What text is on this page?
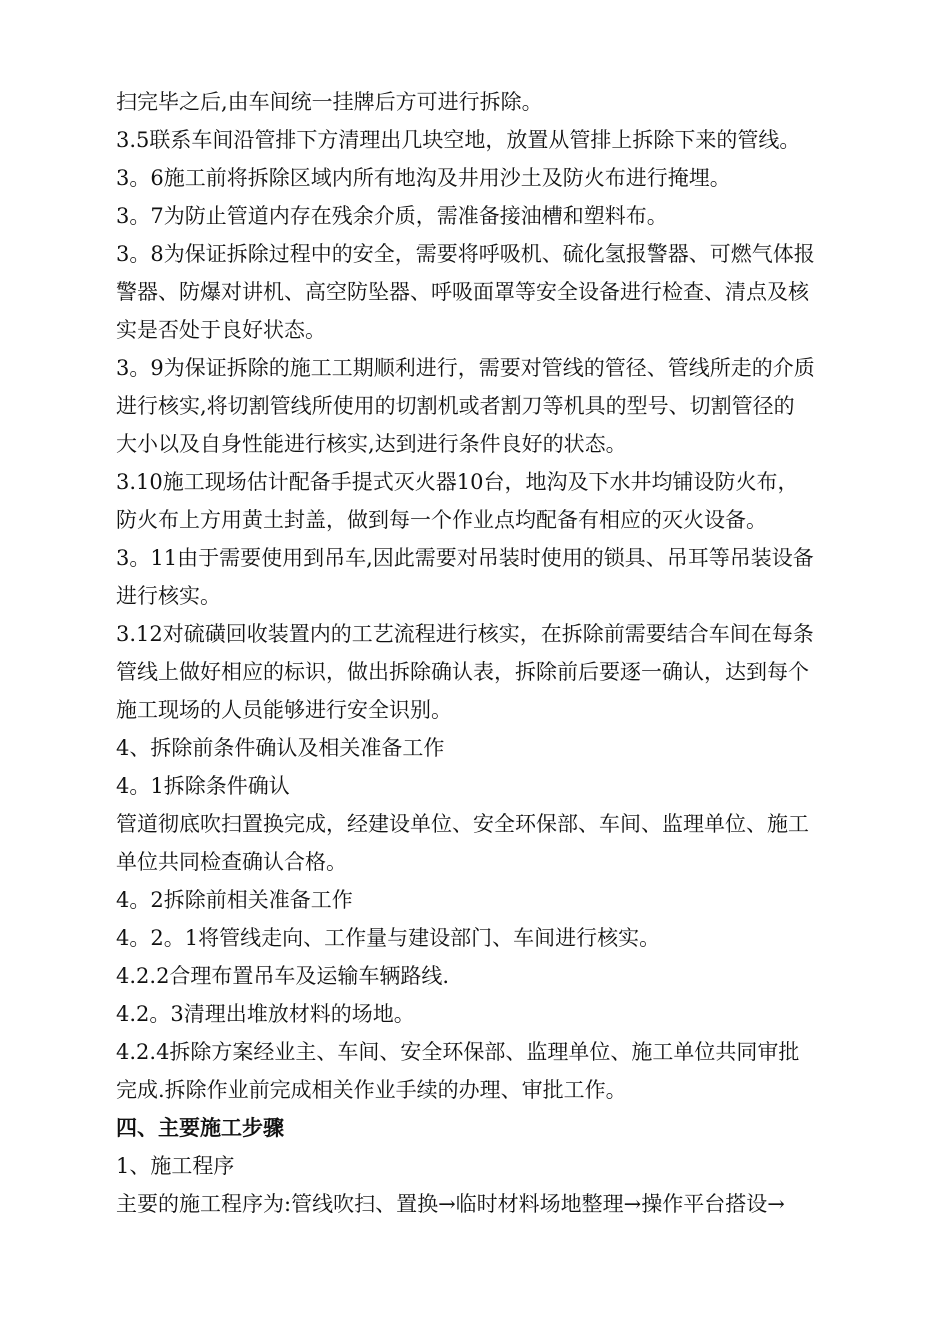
扫完毕之后,由车间统一挂牌后方可进行拆除。
3.5联系车间沿管排下方清理出几块空地，放置从管排上拆除下来的管线。
3。6施工前将拆除区域内所有地沟及井用沙土及防火布进行掩埋。
3。7为防止管道内存在残余介质，需准备接油槽和塑料布。
3。8为保证拆除过程中的安全，需要将呼吸机、硫化氢报警器、可燃气体报
警器、防爆对讲机、高空防坠器、呼吸面罩等安全设备进行检查、清点及核
实是否处于良好状态。
3。9为保证拆除的施工工期顺利进行，需要对管线的管径、管线所走的介质
进行核实,将切割管线所使用的切割机或者割刀等机具的型号、切割管径的
大小以及自身性能进行核实,达到进行条件良好的状态。
3.10施工现场估计配备手提式灭火器10台，地沟及下水井均铺设防火布，
防火布上方用黄土封盖，做到每一个作业点均配备有相应的灭火设备。
3。11由于需要使用到吊车,因此需要对吊装时使用的锁具、吊耳等吊装设备
进行核实。
3.12对硫磺回收装置内的工艺流程进行核实，在拆除前需要结合车间在每条
管线上做好相应的标识，做出拆除确认表，拆除前后要逐一确认，达到每个
施工现场的人员能够进行安全识别。
4、拆除前条件确认及相关准备工作
4。1拆除条件确认
管道彻底吹扫置换完成，经建设单位、安全环保部、车间、监理单位、施工
单位共同检查确认合格。
4。2拆除前相关准备工作
4。2。1将管线走向、工作量与建设部门、车间进行核实。
4.2.2合理布置吊车及运输车辆路线.
4.2。3清理出堆放材料的场地。
4.2.4拆除方案经业主、车间、安全环保部、监理单位、施工单位共同审批
完成.拆除作业前完成相关作业手续的办理、审批工作。
四、主要施工步骤
1、施工程序
主要的施工程序为:管线吹扫、置换→临时材料场地整理→操作平台搭设→
